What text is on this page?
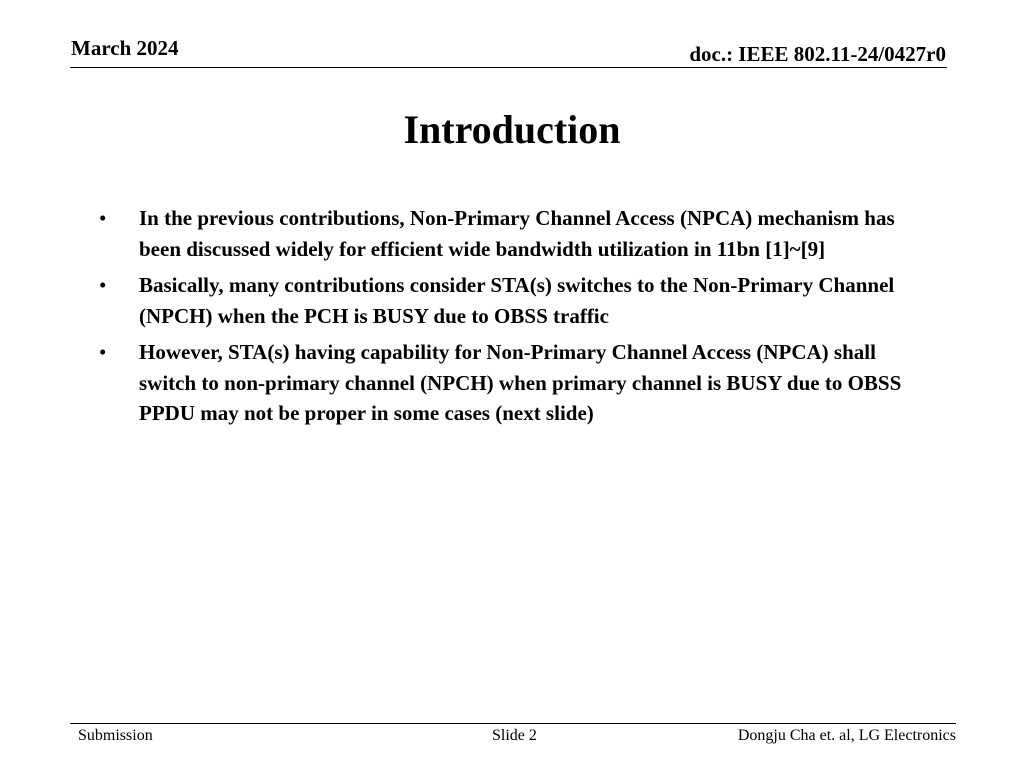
March 2024	doc.: IEEE 802.11-24/0427r0
Introduction
• In the previous contributions, Non-Primary Channel Access (NPCA) mechanism has been discussed widely for efficient wide bandwidth utilization in 11bn [1]~[9]
• Basically, many contributions consider STA(s) switches to the Non-Primary Channel (NPCH) when the PCH is BUSY due to OBSS traffic
• However, STA(s) having capability for Non-Primary Channel Access (NPCA) shall switch to non-primary channel (NPCH) when primary channel is BUSY due to OBSS PPDU may not be proper in some cases (next slide)
Submission	Slide 2	Dongju Cha et. al, LG Electronics
